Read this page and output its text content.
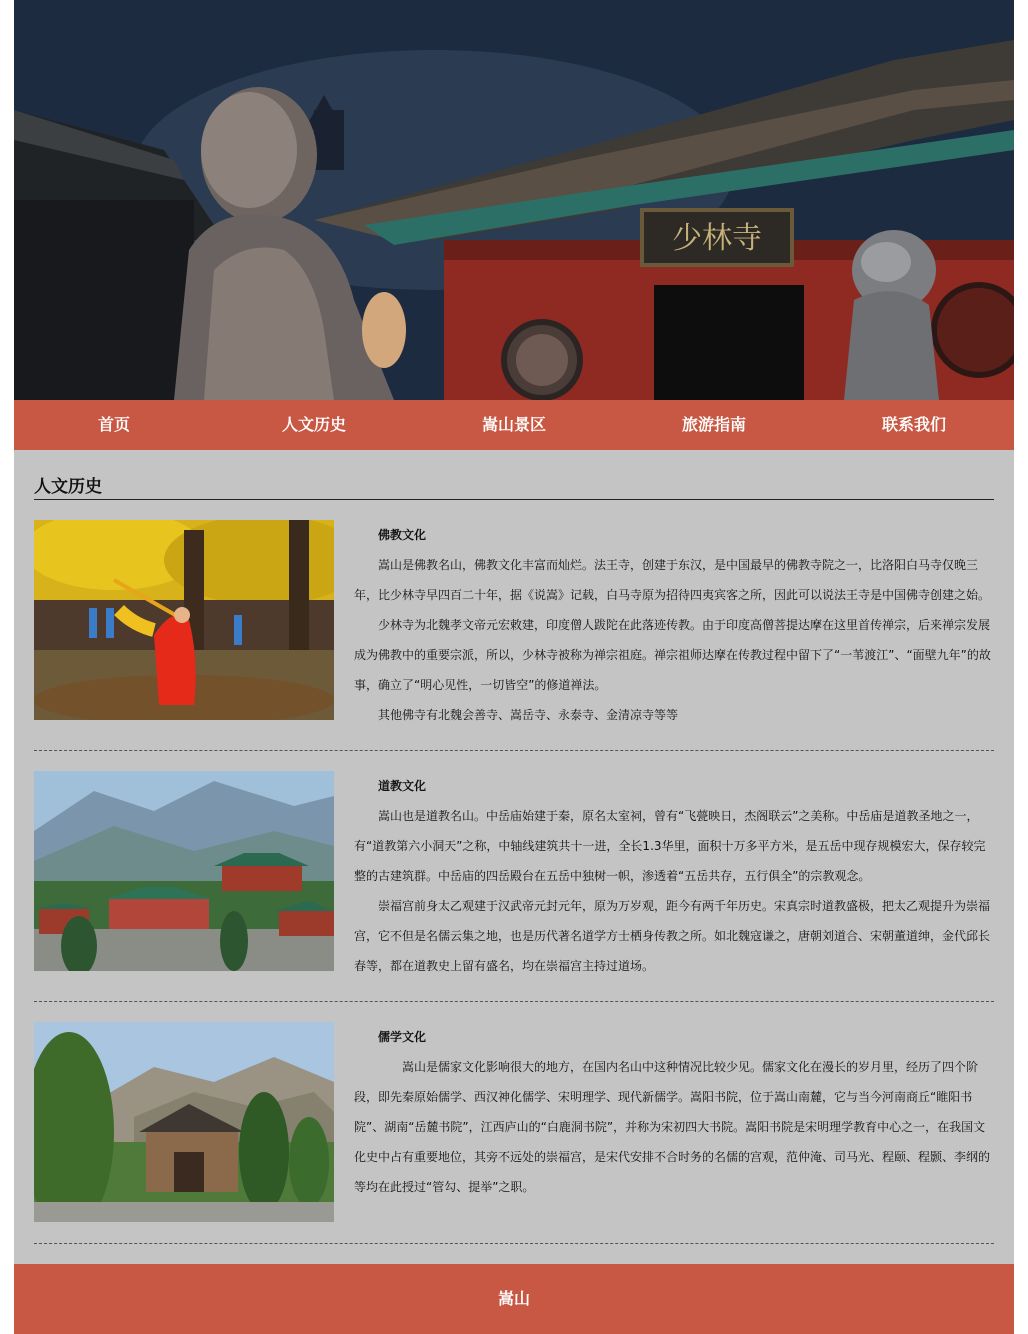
少林寺
首页	人文历史	嵩山景区	旅游指南	联系我们
人文历史
佛教文化

嵩山是佛教名山，佛教文化丰富而灿烂。法王寺，创建于东汉，是中国最早的佛教寺院之一，比洛阳白马寺仅晚三年，比少林寺早四百二十年，据《说嵩》记载，白马寺原为招待四夷宾客之所，因此可以说法王寺是中国佛寺创建之始。

少林寺为北魏孝文帝元宏敕建，印度僧人跋陀在此落迹传教。由于印度高僧菩提达摩在这里首传禅宗，后来禅宗发展成为佛教中的重要宗派，所以，少林寺被称为禅宗祖庭。禅宗祖师达摩在传教过程中留下了“一苇渡江”、“面壁九年”的故事，确立了“明心见性，一切皆空”的修道禅法。

其他佛寺有北魏会善寺、嵩岳寺、永泰寺、金清凉寺等等

道教文化

嵩山也是道教名山。中岳庙始建于秦，原名太室祠，曾有“飞甍映日，杰阁联云”之美称。中岳庙是道教圣地之一，有“道教第六小洞天”之称，中轴线建筑共十一进，全长1.3华里，面积十万多平方米，是五岳中现存规模宏大，保存较完整的古建筑群。中岳庙的四岳殿台在五岳中独树一帜，渗透着“五岳共存，五行俱全”的宗教观念。

崇福宫前身太乙观建于汉武帝元封元年，原为万岁观，距今有两千年历史。宋真宗时道教盛极，把太乙观提升为崇福宫，它不但是名儒云集之地，也是历代著名道学方士栖身传教之所。如北魏寇谦之，唐朝刘道合、宋朝董道绅，金代邱长春等，都在道教史上留有盛名，均在崇福宫主持过道场。

儒学文化

嵩山是儒家文化影响很大的地方，在国内名山中这种情况比较少见。儒家文化在漫长的岁月里，经历了四个阶段，即先秦原始儒学、西汉神化儒学、宋明理学、现代新儒学。嵩阳书院，位于嵩山南麓，它与当今河南商丘“睢阳书院”、湖南“岳麓书院”，江西庐山的“白鹿洞书院”，并称为宋初四大书院。嵩阳书院是宋明理学教育中心之一，在我国文化史中占有重要地位，其旁不远处的崇福宫，是宋代安排不合时务的名儒的宫观，范仲淹、司马光、程颐、程颢、李纲的等均在此授过“管勾、提举”之职。

嵩山
